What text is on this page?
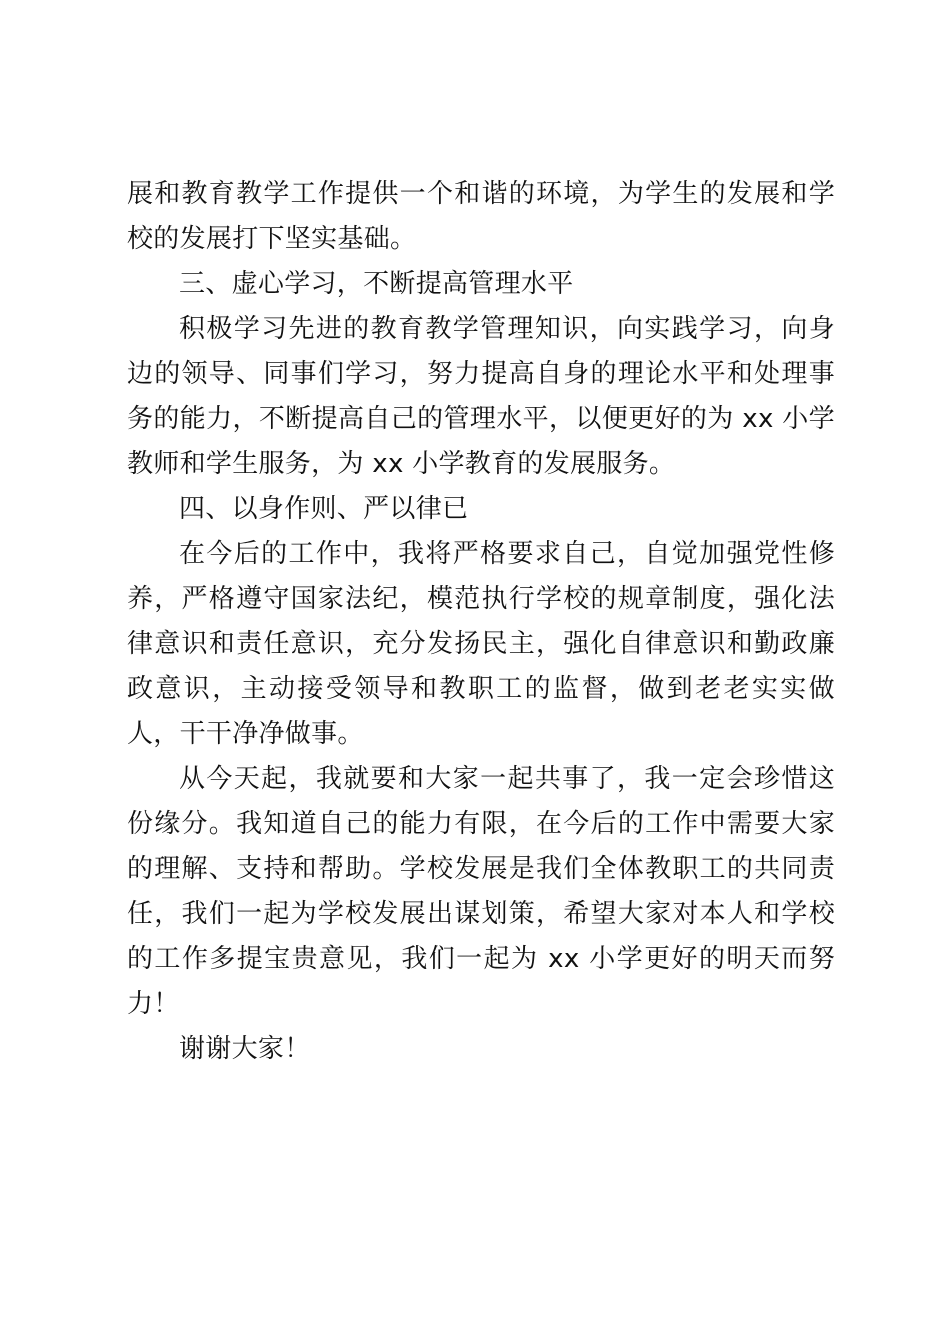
展和教育教学工作提供一个和谐的环境，为学生的发展和学校的发展打下坚实基础。

三、虚心学习，不断提高管理水平

积极学习先进的教育教学管理知识，向实践学习，向身边的领导、同事们学习，努力提高自身的理论水平和处理事务的能力，不断提高自己的管理水平，以便更好的为 xx 小学教师和学生服务，为 xx 小学教育的发展服务。

四、以身作则、严以律已

在今后的工作中，我将严格要求自己，自觉加强党性修养，严格遵守国家法纪，模范执行学校的规章制度，强化法律意识和责任意识，充分发扬民主，强化自律意识和勤政廉政意识，主动接受领导和教职工的监督，做到老老实实做人，干干净净做事。

从今天起，我就要和大家一起共事了，我一定会珍惜这份缘分。我知道自己的能力有限，在今后的工作中需要大家的理解、支持和帮助。学校发展是我们全体教职工的共同责任，我们一起为学校发展出谋划策，希望大家对本人和学校的工作多提宝贵意见，我们一起为 xx 小学更好的明天而努力！

谢谢大家！
